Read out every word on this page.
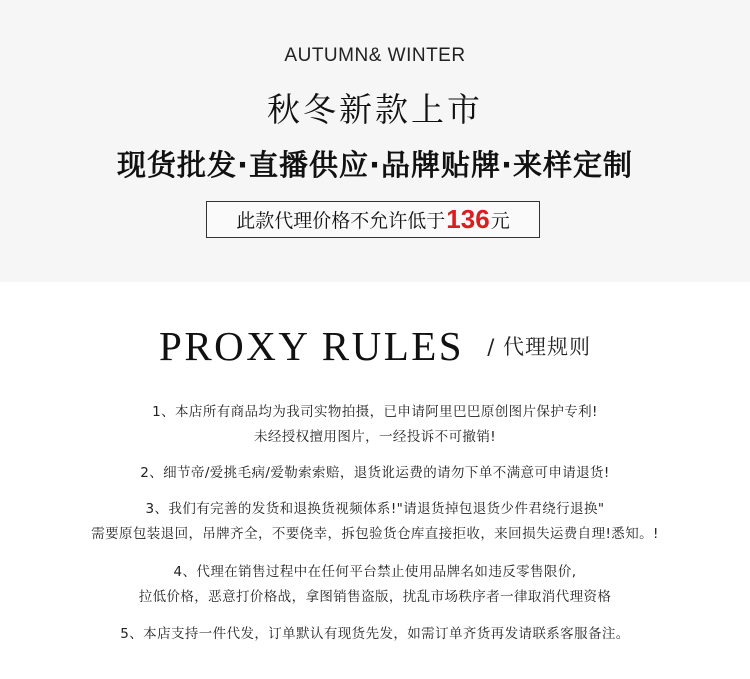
AUTUMN& WINTER
秋冬新款上市
现货批发·直播供应·品牌贴牌·来样定制
此款代理价格不允许低于 136 元
PROXY RULES / 代理规则
1、本店所有商品均为我司实物拍摄，已申请阿里巴巴原创图片保护专利!
未经授权擅用图片，一经投诉不可撤销!
2、细节帝/爱挑毛病/爱勒索索赔，退货讹运费的请勿下单不满意可申请退货!
3、我们有完善的发货和退换货视频体系!"请退货掉包退货少件君绕行退换"
需要原包装退回，吊牌齐全，不要侥幸，拆包验货仓库直接拒收，来回损失运费自理!悉知。!
4、代理在销售过程中在任何平台禁止使用品牌名如违反零售限价,
拉低价格，恶意打价格战，拿图销售盗版，扰乱市场秩序者一律取消代理资格
5、本店支持一件代发，订单默认有现货先发，如需订单齐货再发请联系客服备注。
